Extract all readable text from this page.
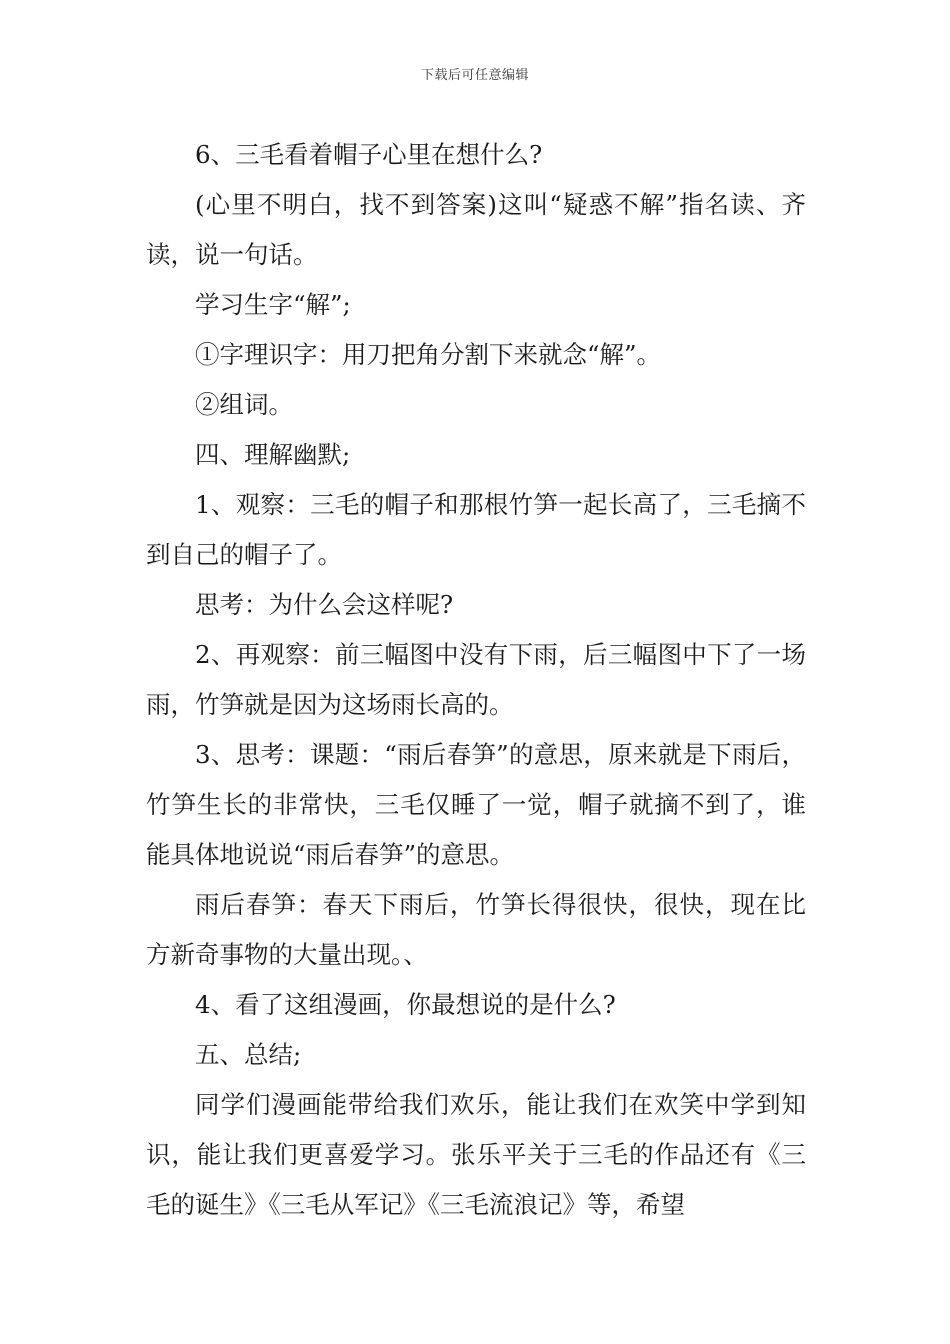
下载后可任意编辑

6、三毛看着帽子心里在想什么?

(心里不明白，找不到答案)这叫“疑惑不解”指名读、齐读，说一句话。

学习生字“解”;

①字理识字：用刀把角分割下来就念“解”。

②组词。

四、理解幽默;

1、观察：三毛的帽子和那根竹笋一起长高了，三毛摘不到自己的帽子了。

思考：为什么会这样呢?

2、再观察：前三幅图中没有下雨，后三幅图中下了一场雨，竹笋就是因为这场雨长高的。

3、思考：课题：“雨后春笋”的意思，原来就是下雨后，竹笋生长的非常快，三毛仅睡了一觉，帽子就摘不到了，谁能具体地说说“雨后春笋”的意思。

雨后春笋：春天下雨后，竹笋长得很快，很快，现在比方新奇事物的大量出现。、

4、看了这组漫画，你最想说的是什么?

五、总结;

同学们漫画能带给我们欢乐，能让我们在欢笑中学到知识，能让我们更喜爱学习。张乐平关于三毛的作品还有《三毛的诞生》《三毛从军记》《三毛流浪记》等，希望
